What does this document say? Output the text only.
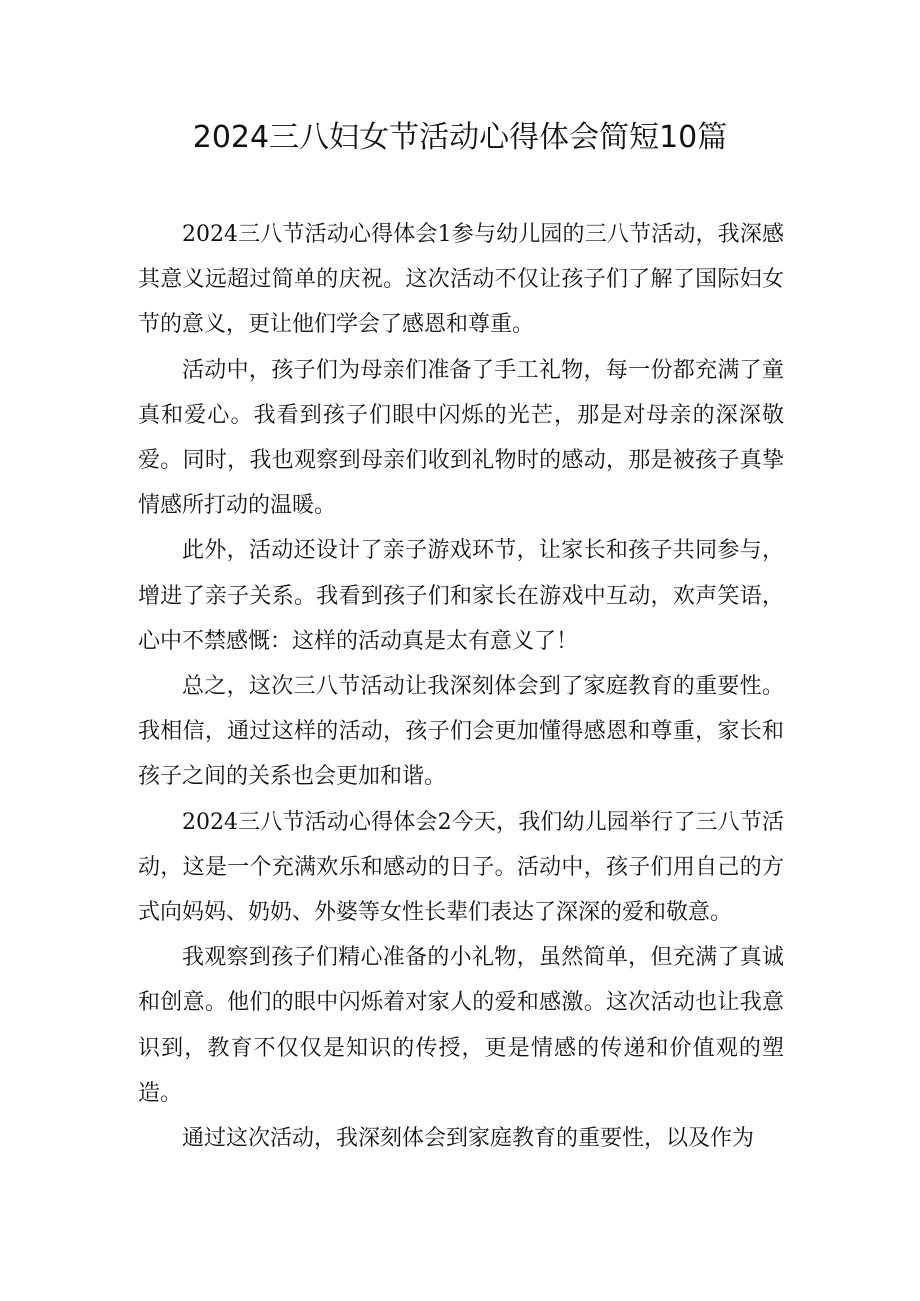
2024三八妇女节活动心得体会简短10篇

2024三八节活动心得体会1参与幼儿园的三八节活动，我深感其意义远超过简单的庆祝。这次活动不仅让孩子们了解了国际妇女节的意义，更让他们学会了感恩和尊重。

活动中，孩子们为母亲们准备了手工礼物，每一份都充满了童真和爱心。我看到孩子们眼中闪烁的光芒，那是对母亲的深深敬爱。同时，我也观察到母亲们收到礼物时的感动，那是被孩子真挚情感所打动的温暖。

此外，活动还设计了亲子游戏环节，让家长和孩子共同参与，增进了亲子关系。我看到孩子们和家长在游戏中互动，欢声笑语，心中不禁感慨：这样的活动真是太有意义了！

总之，这次三八节活动让我深刻体会到了家庭教育的重要性。我相信，通过这样的活动，孩子们会更加懂得感恩和尊重，家长和孩子之间的关系也会更加和谐。

2024三八节活动心得体会2今天，我们幼儿园举行了三八节活动，这是一个充满欢乐和感动的日子。活动中，孩子们用自己的方式向妈妈、奶奶、外婆等女性长辈们表达了深深的爱和敬意。

我观察到孩子们精心准备的小礼物，虽然简单，但充满了真诚和创意。他们的眼中闪烁着对家人的爱和感激。这次活动也让我意识到，教育不仅仅是知识的传授，更是情感的传递和价值观的塑造。

通过这次活动，我深刻体会到家庭教育的重要性，以及作为
